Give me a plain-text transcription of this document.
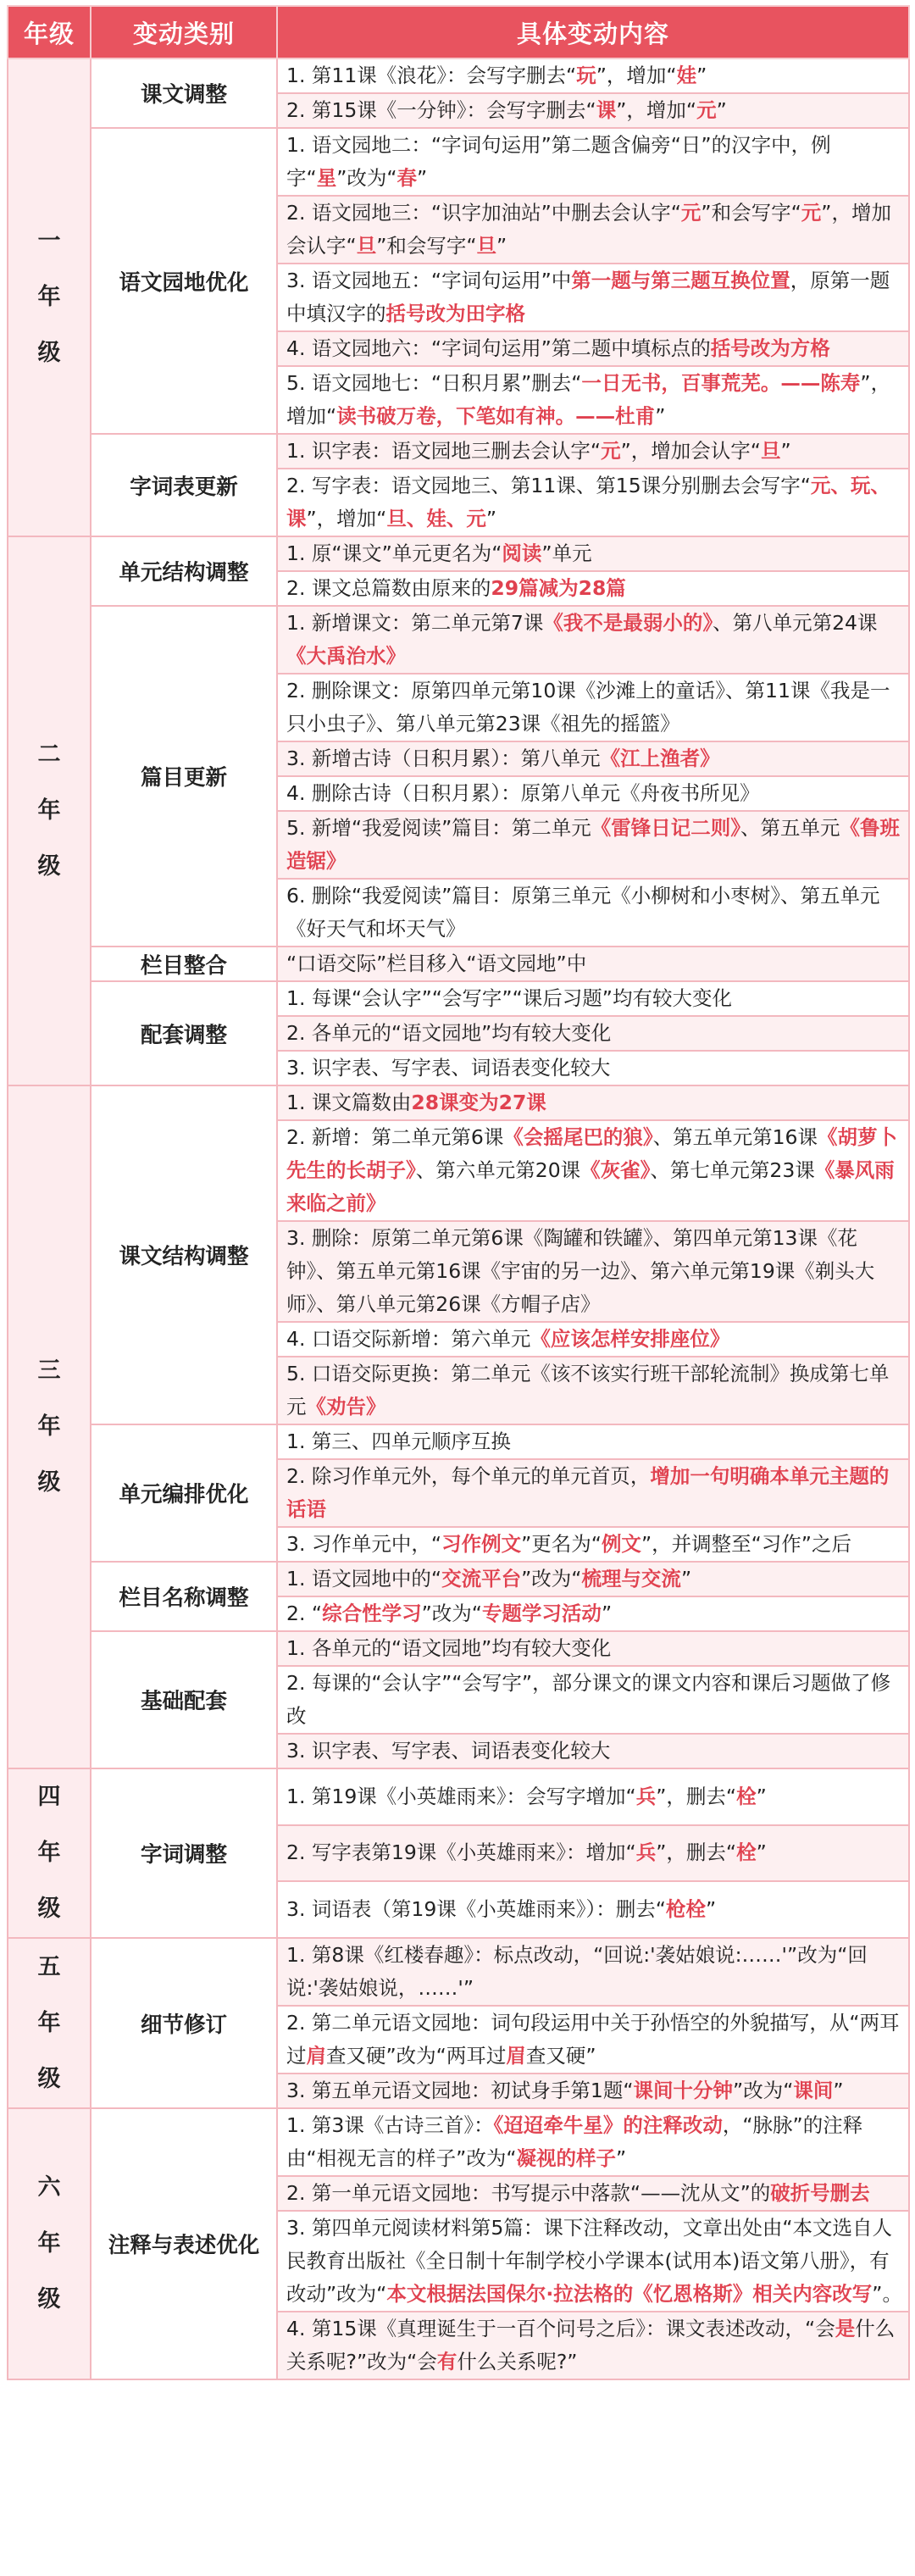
年级	变动类别	具体变动内容

一
年
级	课文调整	1. 第11课《浪花》：会写字删去“玩”，增加“娃”
		2. 第15课《一分钟》：会写字删去“课”，增加“元”
	语文园地优化	1. 语文园地二：“字词句运用”第二题含偏旁“日”的汉字中，例字“星”改为“春”
		2. 语文园地三：“识字加油站”中删去会认字“元”和会写字“元”，增加会认字“旦”和会写字“旦”
		3. 语文园地五：“字词句运用”中第一题与第三题互换位置，原第一题中填汉字的括号改为田字格
		4. 语文园地六：“字词句运用”第二题中填标点的括号改为方格
		5. 语文园地七：“日积月累”删去“一日无书，百事荒芜。——陈寿”，增加“读书破万卷，下笔如有神。——杜甫”
	字词表更新	1. 识字表：语文园地三删去会认字“元”，增加会认字“旦”
		2. 写字表：语文园地三、第11课、第15课分别删去会写字“元、玩、课”，增加“旦、娃、元”

二
年
级	单元结构调整	1. 原“课文”单元更名为“阅读”单元
		2. 课文总篇数由原来的29篇减为28篇
	篇目更新	1. 新增课文：第二单元第7课《我不是最弱小的》、第八单元第24课《大禹治水》
		2. 删除课文：原第四单元第10课《沙滩上的童话》、第11课《我是一只小虫子》、第八单元第23课《祖先的摇篮》
		3. 新增古诗（日积月累）：第八单元《江上渔者》
		4. 删除古诗（日积月累）：原第八单元《舟夜书所见》
		5. 新增“我爱阅读”篇目：第二单元《雷锋日记二则》、第五单元《鲁班造锯》
		6. 删除“我爱阅读”篇目：原第三单元《小柳树和小枣树》、第五单元《好天气和坏天气》
	栏目整合	“口语交际”栏目移入“语文园地”中
	配套调整	1. 每课“会认字”“会写字”“课后习题”均有较大变化
		2. 各单元的“语文园地”均有较大变化
		3. 识字表、写字表、词语表变化较大

三
年
级	课文结构调整	1. 课文篇数由28课变为27课
		2. 新增：第二单元第6课《会摇尾巴的狼》、第五单元第16课《胡萝卜先生的长胡子》、第六单元第20课《灰雀》、第七单元第23课《暴风雨来临之前》
		3. 删除：原第二单元第6课《陶罐和铁罐》、第四单元第13课《花钟》、第五单元第16课《宇宙的另一边》、第六单元第19课《剃头大师》、第八单元第26课《方帽子店》
		4. 口语交际新增：第六单元《应该怎样安排座位》
		5. 口语交际更换：第二单元《该不该实行班干部轮流制》换成第七单元《劝告》
	单元编排优化	1. 第三、四单元顺序互换
		2. 除习作单元外，每个单元的单元首页，增加一句明确本单元主题的话语
		3. 习作单元中，“习作例文”更名为“例文”，并调整至“习作”之后
	栏目名称调整	1. 语文园地中的“交流平台”改为“梳理与交流”
		2. “综合性学习”改为“专题学习活动”
	基础配套	1. 各单元的“语文园地”均有较大变化
		2. 每课的“会认字”“会写字”，部分课文的课文内容和课后习题做了修改
		3. 识字表、写字表、词语表变化较大

四
年
级	字词调整	1. 第19课《小英雄雨来》：会写字增加“兵”，删去“栓”
		2. 写字表第19课《小英雄雨来》：增加“兵”，删去“栓”
		3. 词语表（第19课《小英雄雨来》）：删去“枪栓”

五
年
级	细节修订	1. 第8课《红楼春趣》：标点改动，“回说:'袭姑娘说:……'”改为“回说:'袭姑娘说，……'”
		2. 第二单元语文园地：词句段运用中关于孙悟空的外貌描写，从“两耳过肩查又硬”改为“两耳过眉查又硬”
		3. 第五单元语文园地：初试身手第1题“课间十分钟”改为“课间”

六
年
级	注释与表述优化	1. 第3课《古诗三首》：《迢迢牵牛星》的注释改动，“脉脉”的注释由“相视无言的样子”改为“凝视的样子”
		2. 第一单元语文园地：书写提示中落款“——沈从文”的破折号删去
		3. 第四单元阅读材料第5篇：课下注释改动，文章出处由“本文选自人民教育出版社《全日制十年制学校小学课本(试用本)语文第八册》，有改动”改为“本文根据法国保尔·拉法格的《忆恩格斯》相关内容改写”。
		4. 第15课《真理诞生于一百个问号之后》：课文表述改动，“会是什么关系呢?”改为“会有什么关系呢?”
